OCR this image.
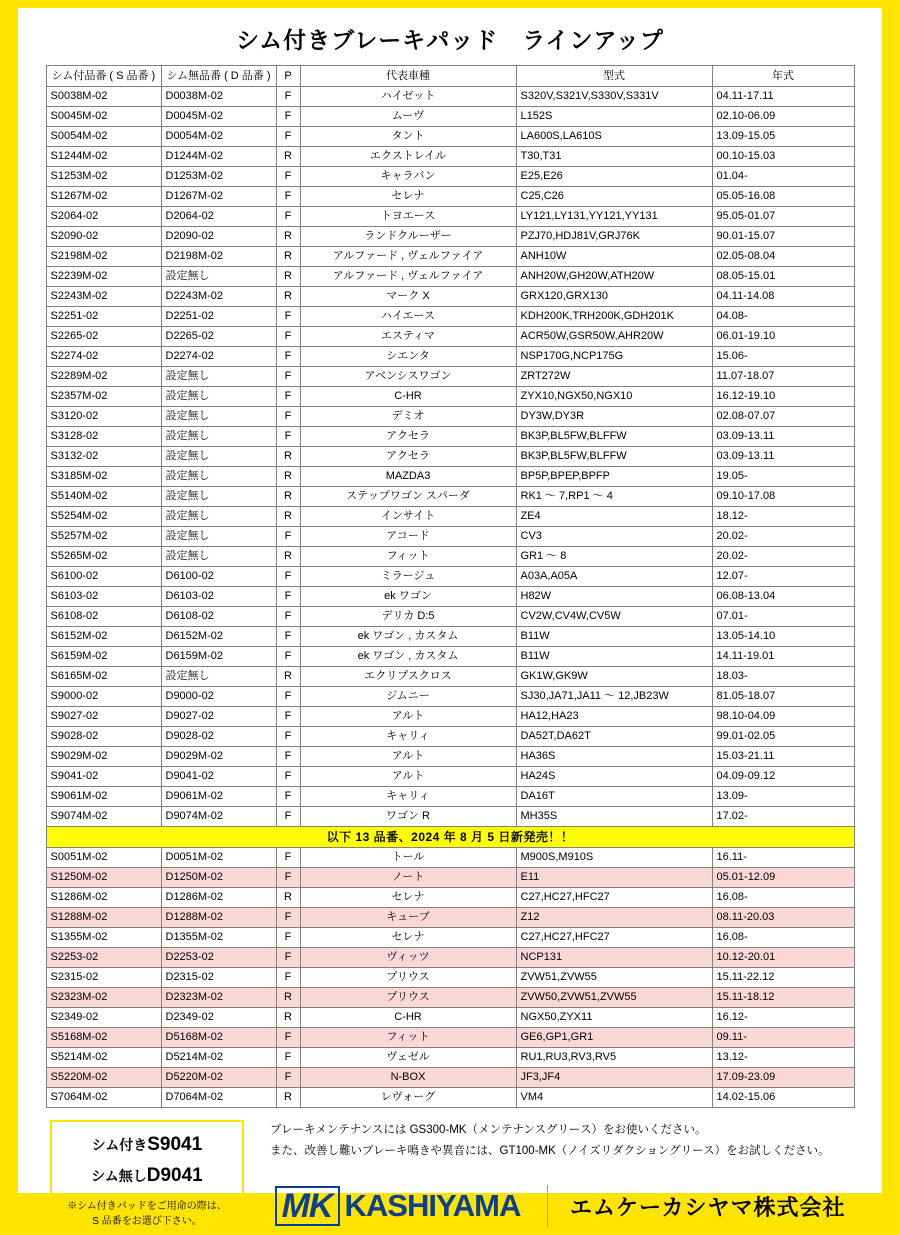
シム付きブレーキパッド　ラインアップ
シム付品番 ( S 品番 )	シム無品番 ( D 品番 )	P	代表車種	型式	年式
S0038M-02	D0038M-02	F	ハイゼット	S320V,S321V,S330V,S331V	04.11-17.11
S0045M-02	D0045M-02	F	ムーヴ	L152S	02.10-06.09
S0054M-02	D0054M-02	F	タント	LA600S,LA610S	13.09-15.05
S1244M-02	D1244M-02	R	エクストレイル	T30,T31	00.10-15.03
S1253M-02	D1253M-02	F	キャラバン	E25,E26	01.04-
S1267M-02	D1267M-02	F	セレナ	C25,C26	05.05-16.08
S2064-02	D2064-02	F	トヨエース	LY121,LY131,YY121,YY131	95.05-01.07
S2090-02	D2090-02	R	ランドクルーザー	PZJ70,HDJ81V,GRJ76K	90.01-15.07
S2198M-02	D2198M-02	R	アルファード , ヴェルファイア	ANH10W	02.05-08.04
S2239M-02	設定無し	R	アルファード , ヴェルファイア	ANH20W,GH20W,ATH20W	08.05-15.01
S2243M-02	D2243M-02	R	マーク X	GRX120,GRX130	04.11-14.08
S2251-02	D2251-02	F	ハイエース	KDH200K,TRH200K,GDH201K	04.08-
S2265-02	D2265-02	F	エスティマ	ACR50W,GSR50W,AHR20W	06.01-19.10
S2274-02	D2274-02	F	シエンタ	NSP170G,NCP175G	15.06-
S2289M-02	設定無し	F	アベンシスワゴン	ZRT272W	11.07-18.07
S2357M-02	設定無し	F	C-HR	ZYX10,NGX50,NGX10	16.12-19.10
S3120-02	設定無し	F	デミオ	DY3W,DY3R	02.08-07.07
S3128-02	設定無し	F	アクセラ	BK3P,BL5FW,BLFFW	03.09-13.11
S3132-02	設定無し	R	アクセラ	BK3P,BL5FW,BLFFW	03.09-13.11
S3185M-02	設定無し	R	MAZDA3	BP5P,BPEP,BPFP	19.05-
S5140M-02	設定無し	R	ステップワゴン スパーダ	RK1 〜 7,RP1 〜 4	09.10-17.08
S5254M-02	設定無し	R	インサイト	ZE4	18.12-
S5257M-02	設定無し	F	アコード	CV3	20.02-
S5265M-02	設定無し	R	フィット	GR1 〜 8	20.02-
S6100-02	D6100-02	F	ミラージュ	A03A,A05A	12.07-
S6103-02	D6103-02	F	ek ワゴン	H82W	06.08-13.04
S6108-02	D6108-02	F	デリカ D:5	CV2W,CV4W,CV5W	07.01-
S6152M-02	D6152M-02	F	ek ワゴン , カスタム	B11W	13.05-14.10
S6159M-02	D6159M-02	F	ek ワゴン , カスタム	B11W	14.11-19.01
S6165M-02	設定無し	R	エクリプスクロス	GK1W,GK9W	18.03-
S9000-02	D9000-02	F	ジムニー	SJ30,JA71,JA11 〜 12,JB23W	81.05-18.07
S9027-02	D9027-02	F	アルト	HA12,HA23	98.10-04.09
S9028-02	D9028-02	F	キャリィ	DA52T,DA62T	99.01-02.05
S9029M-02	D9029M-02	F	アルト	HA36S	15.03-21.11
S9041-02	D9041-02	F	アルト	HA24S	04.09-09.12
S9061M-02	D9061M-02	F	キャリィ	DA16T	13.09-
S9074M-02	D9074M-02	F	ワゴン R	MH35S	17.02-
以下 13 品番、2024 年 8 月 5 日新発売！！					
S0051M-02	D0051M-02	F	トール	M900S,M910S	16.11-
S1250M-02	D1250M-02	F	ノート	E11	05.01-12.09
S1286M-02	D1286M-02	R	セレナ	C27,HC27,HFC27	16.08-
S1288M-02	D1288M-02	F	キューブ	Z12	08.11-20.03
S1355M-02	D1355M-02	F	セレナ	C27,HC27,HFC27	16.08-
S2253-02	D2253-02	F	ヴィッツ	NCP131	10.12-20.01
S2315-02	D2315-02	F	プリウス	ZVW51,ZVW55	15.11-22.12
S2323M-02	D2323M-02	R	プリウス	ZVW50,ZVW51,ZVW55	15.11-18.12
S2349-02	D2349-02	R	C-HR	NGX50,ZYX11	16.12-
S5168M-02	D5168M-02	F	フィット	GE6,GP1,GR1	09.11-
S5214M-02	D5214M-02	F	ヴェゼル	RU1,RU3,RV3,RV5	13.12-
S5220M-02	D5220M-02	F	N-BOX	JF3,JF4	17.09-23.09
S7064M-02	D7064M-02	R	レヴォーグ	VM4	14.02-15.06
シム付きS9041
シム無しD9041
※シム付きパッドをご用命の際は、
S 品番をお選び下さい。
ブレーキメンテナンスには GS300-MK（メンテナンスグリース）をお使いください。
また、改善し難いブレーキ鳴きや異音には、GT100-MK（ノイズリダクショングリース）をお試しください。
MK KASHIYAMA エムケーカシヤマ株式会社
